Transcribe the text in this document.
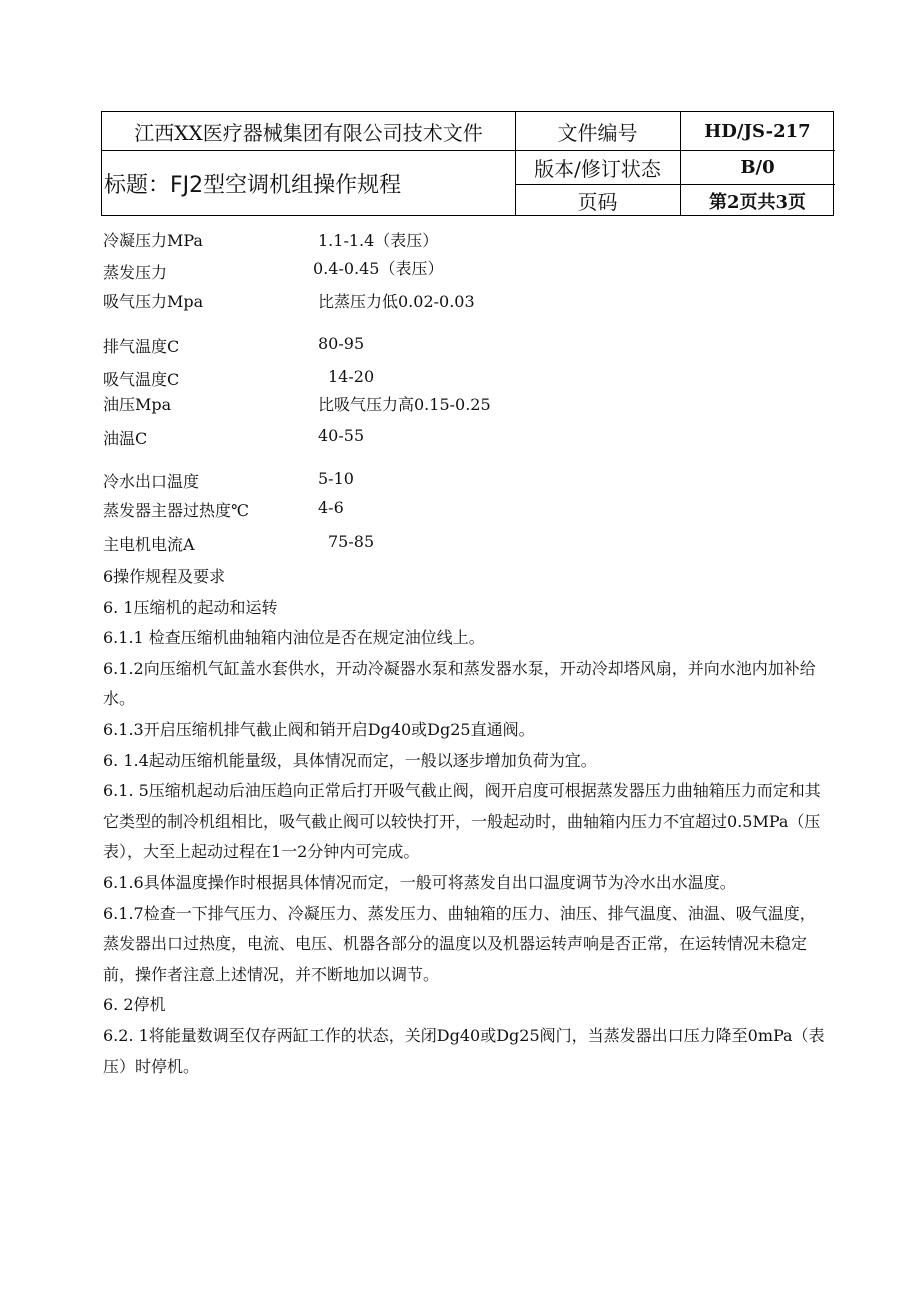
江西XX医疗器械集团有限公司技术文件
标题：FJ2型空调机组操作规程
文件编号	HD/JS-217
版本/修订状态	B/0
页码	第2页共3页
冷凝压力MPa	1.1-1.4（表压）
蒸发压力	0.4-0.45（表压）
吸气压力Mpa	比蒸压力低0.02-0.03
排气温度C	80-95
吸气温度C	14-20
油压Mpa	比吸气压力高0.15-0.25
油温C	40-55
冷水出口温度	5-10
蒸发器主器过热度℃	4-6
主电机电流A	75-85

6操作规程及要求

6. 1压缩机的起动和运转

6.1.1 检查压缩机曲轴箱内油位是否在规定油位线上。

6.1.2向压缩机气缸盖水套供水，开动冷凝器水泵和蒸发器水泵，开动冷却塔风扇，并向水池内加补给水。

6.1.3开启压缩机排气截止阀和销开启Dg40或Dg25直通阀。

6. 1.4起动压缩机能量级，具体情况而定，一般以逐步增加负荷为宜。

6.1. 5压缩机起动后油压趋向正常后打开吸气截止阀，阀开启度可根据蒸发器压力曲轴箱压力而定和其它类型的制冷机组相比，吸气截止阀可以较快打开，一般起动时，曲轴箱内压力不宜超过0.5MPa（压表），大至上起动过程在1一2分钟内可完成。

6.1.6具体温度操作时根据具体情况而定，一般可将蒸发自出口温度调节为冷水出水温度。

6.1.7检查一下排气压力、冷凝压力、蒸发压力、曲轴箱的压力、油压、排气温度、油温、吸气温度，蒸发器出口过热度，电流、电压、机器各部分的温度以及机器运转声响是否正常，在运转情况未稳定前，操作者注意上述情况，并不断地加以调节。

6. 2停机

6.2. 1将能量数调至仅存两缸工作的状态，关闭Dg40或Dg25阀门，当蒸发器出口压力降至0mPa（表压）时停机。
